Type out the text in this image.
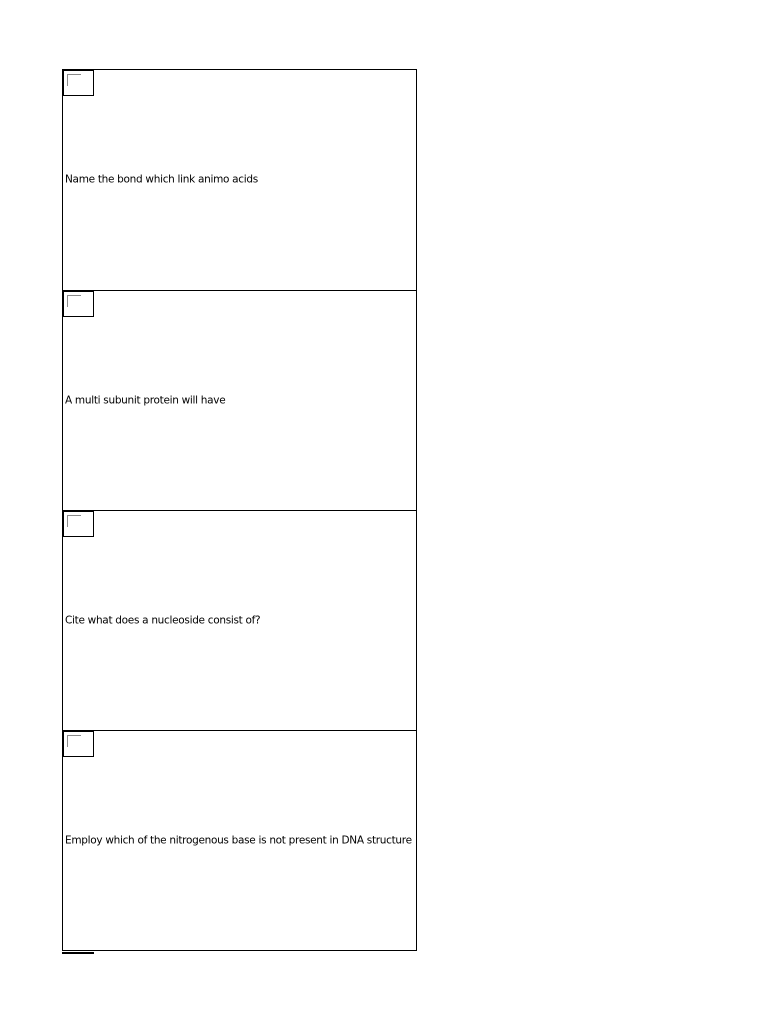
Name the bond which link animo acids
A multi subunit protein will have
Cite what does a nucleoside consist of?
Employ which of the nitrogenous base is not present in DNA structure
